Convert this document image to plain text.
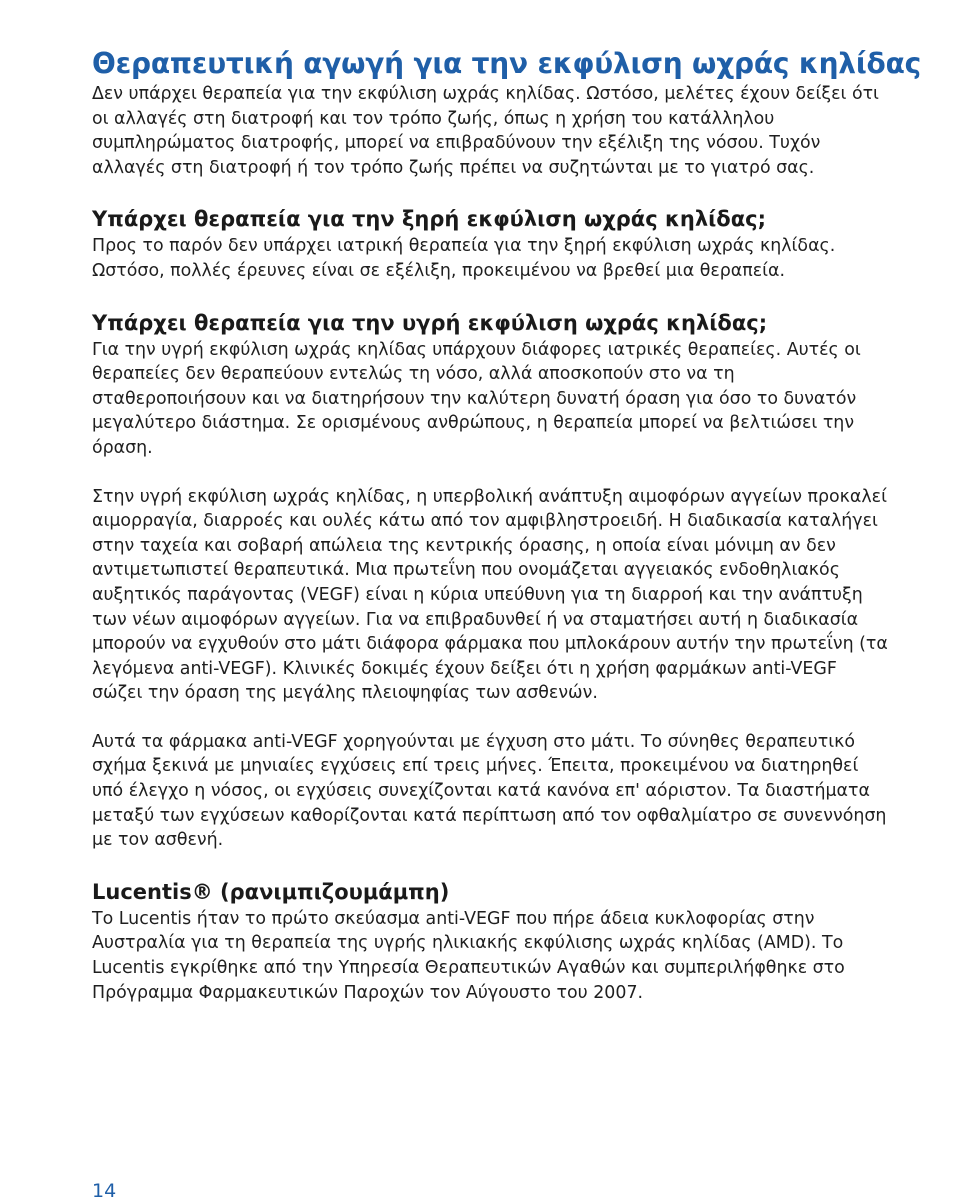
Θεραπευτική αγωγή για την εκφύλιση ωχράς κηλίδας

Δεν υπάρχει θεραπεία για την εκφύλιση ωχράς κηλίδας. Ωστόσο, μελέτες έχουν δείξει ότι οι αλλαγές στη διατροφή και τον τρόπο ζωής, όπως η χρήση του κατάλληλου συμπληρώματος διατροφής, μπορεί να επιβραδύνουν την εξέλιξη της νόσου. Τυχόν αλλαγές στη διατροφή ή τον τρόπο ζωής πρέπει να συζητώνται με το γιατρό σας.

Υπάρχει θεραπεία για την ξηρή εκφύλιση ωχράς κηλίδας;

Προς το παρόν δεν υπάρχει ιατρική θεραπεία για την ξηρή εκφύλιση ωχράς κηλίδας. Ωστόσο, πολλές έρευνες είναι σε εξέλιξη, προκειμένου να βρεθεί μια θεραπεία.

Υπάρχει θεραπεία για την υγρή εκφύλιση ωχράς κηλίδας;

Για την υγρή εκφύλιση ωχράς κηλίδας υπάρχουν διάφορες ιατρικές θεραπείες. Αυτές οι θεραπείες δεν θεραπεύουν εντελώς τη νόσο, αλλά αποσκοπούν στο να τη σταθεροποιήσουν και να διατηρήσουν την καλύτερη δυνατή όραση για όσο το δυνατόν μεγαλύτερο διάστημα. Σε ορισμένους ανθρώπους, η θεραπεία μπορεί να βελτιώσει την όραση.

Στην υγρή εκφύλιση ωχράς κηλίδας, η υπερβολική ανάπτυξη αιμοφόρων αγγείων προκαλεί αιμορραγία, διαρροές και ουλές κάτω από τον αμφιβληστροειδή. Η διαδικασία καταλήγει στην ταχεία και σοβαρή απώλεια της κεντρικής όρασης, η οποία είναι μόνιμη αν δεν αντιμετωπιστεί θεραπευτικά. Μια πρωτεΐνη που ονομάζεται αγγειακός ενδοθηλιακός αυξητικός παράγοντας (VEGF) είναι η κύρια υπεύθυνη για τη διαρροή και την ανάπτυξη των νέων αιμοφόρων αγγείων. Για να επιβραδυνθεί ή να σταματήσει αυτή η διαδικασία μπορούν να εγχυθούν στο μάτι διάφορα φάρμακα που μπλοκάρουν αυτήν την πρωτεΐνη (τα λεγόμενα anti-VEGF). Κλινικές δοκιμές έχουν δείξει ότι η χρήση φαρμάκων anti-VEGF σώζει την όραση της μεγάλης πλειοψηφίας των ασθενών.

Αυτά τα φάρμακα anti-VEGF χορηγούνται με έγχυση στο μάτι. Το σύνηθες θεραπευτικό σχήμα ξεκινά με μηνιαίες εγχύσεις επί τρεις μήνες. Έπειτα, προκειμένου να διατηρηθεί υπό έλεγχο η νόσος, οι εγχύσεις συνεχίζονται κατά κανόνα επ' αόριστον. Τα διαστήματα μεταξύ των εγχύσεων καθορίζονται κατά περίπτωση από τον οφθαλμίατρο σε συνεννόηση με τον ασθενή.

Lucentis® (ρανιμπιζουμάμπη)

Το Lucentis ήταν το πρώτο σκεύασμα anti-VEGF που πήρε άδεια κυκλοφορίας στην Αυστραλία για τη θεραπεία της υγρής ηλικιακής εκφύλισης ωχράς κηλίδας (AMD). Το Lucentis εγκρίθηκε από την Υπηρεσία Θεραπευτικών Αγαθών και συμπεριλήφθηκε στο Πρόγραμμα Φαρμακευτικών Παροχών τον Αύγουστο του 2007.

14
